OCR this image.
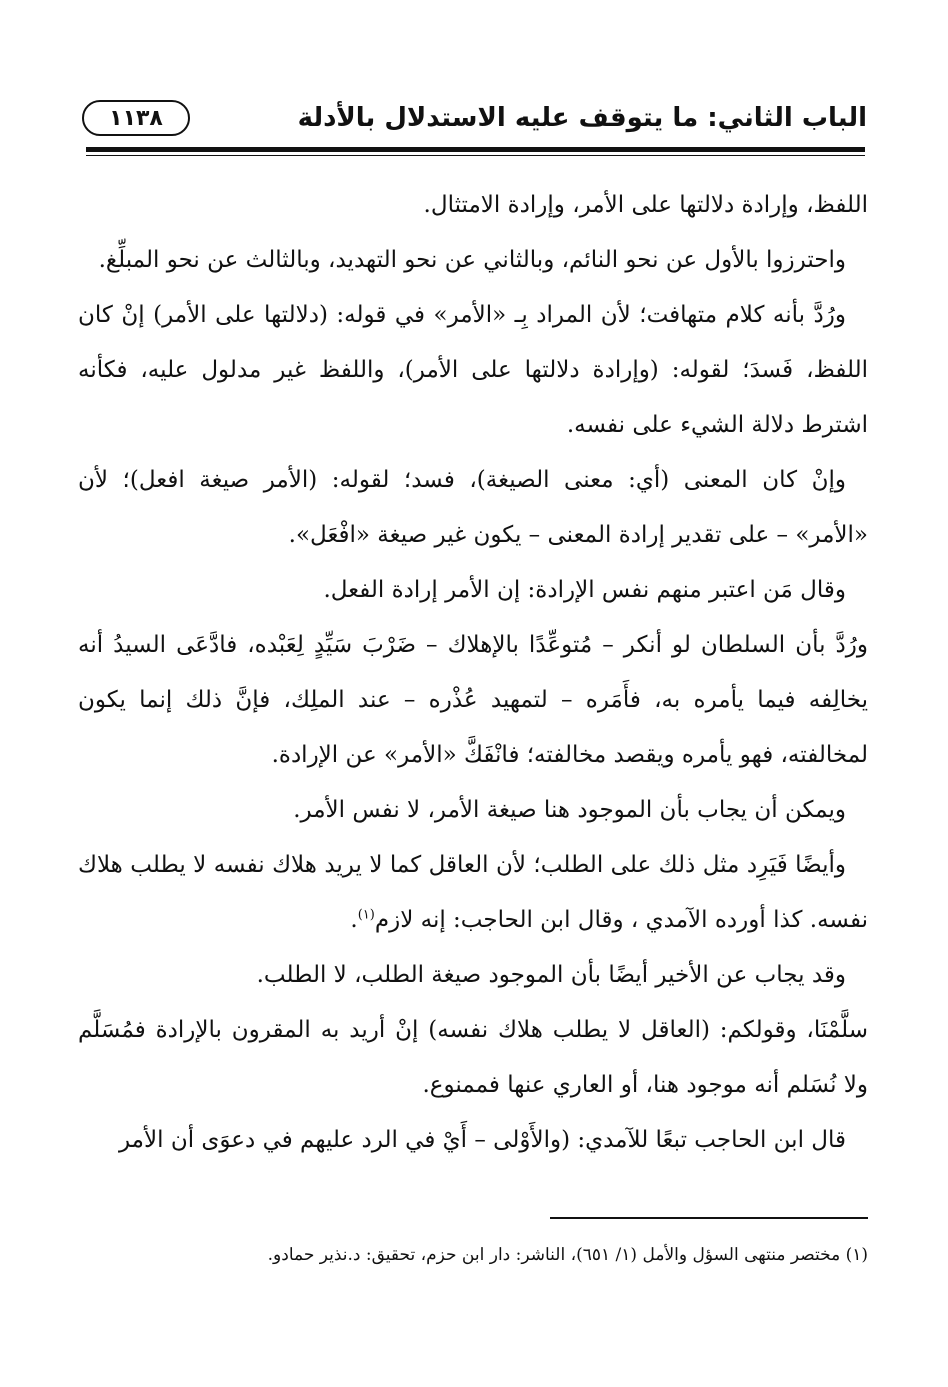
الباب الثاني: ما يتوقف عليه الاستدلال بالأدلة
١١٣٨

اللفظ، وإرادة دلالتها على الأمر، وإرادة الامتثال.

واحترزوا بالأول عن نحو النائم، وبالثاني عن نحو التهديد، وبالثالث عن نحو المبلِّغ.

ورُدَّ بأنه كلام متهافت؛ لأن المراد بِـ «الأمر» في قوله: (دلالتها على الأمر) إنْ كان اللفظ، فَسدَ؛ لقوله: (وإرادة دلالتها على الأمر)، واللفظ غير مدلول عليه، فكأنه اشترط دلالة الشيء على نفسه.

وإنْ كان المعنى (أي: معنى الصيغة)، فسد؛ لقوله: (الأمر صيغة افعل)؛ لأن «الأمر» – على تقدير إرادة المعنى – يكون غير صيغة «افْعَل».

وقال مَن اعتبر منهم نفس الإرادة: إن الأمر إرادة الفعل.

ورُدَّ بأن السلطان لو أنكر – مُتوعِّدًا بالإهلاك – ضَرْبَ سَيِّدٍ لِعَبْده، فادَّعَى السيدُ أنه يخالِفه فيما يأمره به، فأَمَره – لتمهيد عُذْره – عند الملِك، فإنَّ ذلك إنما يكون لمخالفته، فهو يأمره ويقصد مخالفته؛ فانْفَكَّ «الأمر» عن الإرادة.

ويمكن أن يجاب بأن الموجود هنا صيغة الأمر، لا نفس الأمر.

وأيضًا فَيَرِد مثل ذلك على الطلب؛ لأن العاقل كما لا يريد هلاك نفسه لا يطلب هلاك نفسه. كذا أورده الآمدي ، وقال ابن الحاجب: إنه لازم$^{(١)}$.

وقد يجاب عن الأخير أيضًا بأن الموجود صيغة الطلب، لا الطلب.

سلَّمْنَا، وقولكم: (العاقل لا يطلب هلاك نفسه) إنْ أريد به المقرون بالإرادة فمُسَلَّم ولا نُسَلم أنه موجود هنا، أو العاري عنها فممنوع.

قال ابن الحاجب تبعًا للآمدي: (والأَوْلى – أَيْ في الرد عليهم في دعوَى أن الأمر

(١) مختصر منتهى السؤل والأمل (١/ ٦٥١)، الناشر: دار ابن حزم، تحقيق: د.نذير حمادو.
